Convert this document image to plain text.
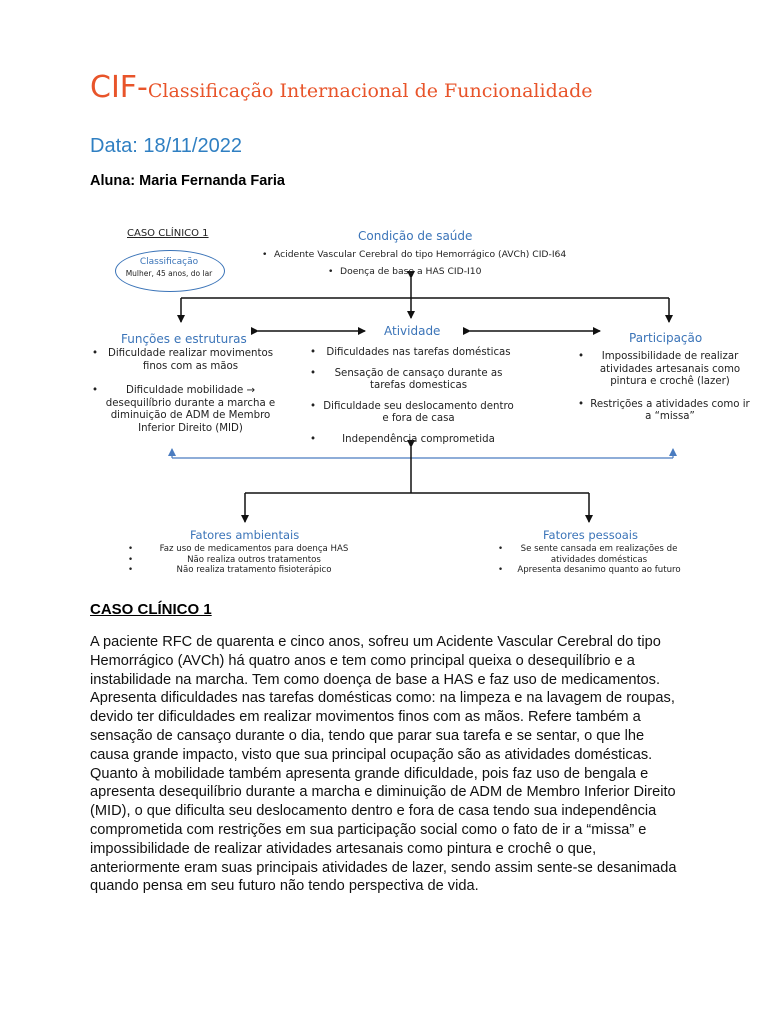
CIF-Classificação Internacional de Funcionalidade
Data: 18/11/2022
Aluna: Maria Fernanda Faria
CASO CLÍNICO 1
Classificação
Mulher, 45 anos, do lar
Condição de saúde
• Acidente Vascular Cerebral do tipo Hemorrágico (AVCh) CID-I64
• Doença de base a HAS CID-I10
Funções e estruturas
• Dificuldade realizar movimentos finos com as mãos
• Dificuldade mobilidade → desequilíbrio durante a marcha e diminuição de ADM de Membro Inferior Direito (MID)
Atividade
• Dificuldades nas tarefas domésticas
• Sensação de cansaço durante as tarefas domesticas
• Dificuldade seu deslocamento dentro e fora de casa
• Independência comprometida
Participação
• Impossibilidade de realizar atividades artesanais como pintura e crochê (lazer)
• Restrições a atividades como ir a “missa”
Fatores ambientais
• Faz uso de medicamentos para doença HAS
• Não realiza outros tratamentos
• Não realiza tratamento fisioterápico
Fatores pessoais
• Se sente cansada em realizações de atividades domésticas
• Apresenta desanimo quanto ao futuro
CASO CLÍNICO 1
A paciente RFC de quarenta e cinco anos, sofreu um Acidente Vascular Cerebral do tipo Hemorrágico (AVCh) há quatro anos e tem como principal queixa o desequilíbrio e a instabilidade na marcha. Tem como doença de base a HAS e faz uso de medicamentos. Apresenta dificuldades nas tarefas domésticas como: na limpeza e na lavagem de roupas, devido ter dificuldades em realizar movimentos finos com as mãos. Refere também a sensação de cansaço durante o dia, tendo que parar sua tarefa e se sentar, o que lhe causa grande impacto, visto que sua principal ocupação são as atividades domésticas. Quanto à mobilidade também apresenta grande dificuldade, pois faz uso de bengala e apresenta desequilíbrio durante a marcha e diminuição de ADM de Membro Inferior Direito (MID), o que dificulta seu deslocamento dentro e fora de casa tendo sua independência comprometida com restrições em sua participação social como o fato de ir a “missa” e impossibilidade de realizar atividades artesanais como pintura e crochê o que, anteriormente eram suas principais atividades de lazer, sendo assim sente-se desanimada quando pensa em seu futuro não tendo perspectiva de vida.
